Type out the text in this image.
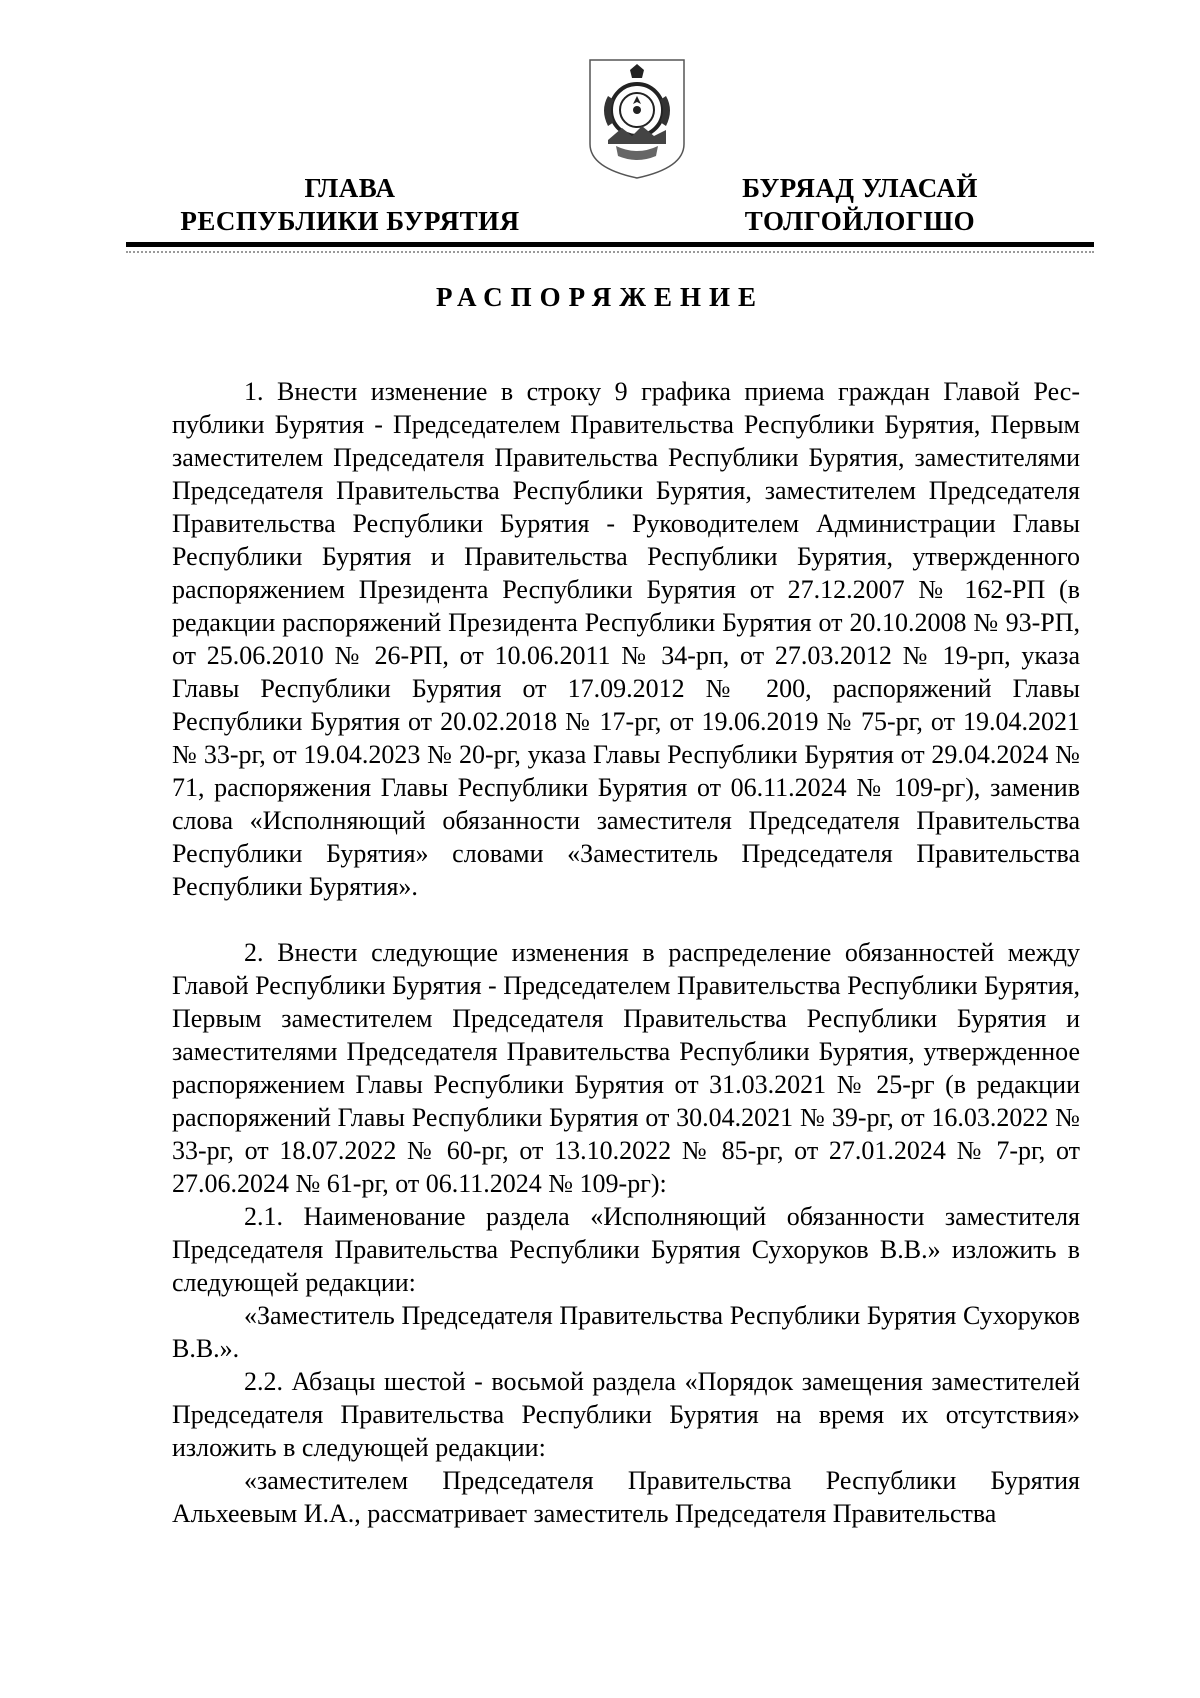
ГЛАВА
РЕСПУБЛИКИ БУРЯТИЯ
БУРЯАД УЛАСАЙ
ТОЛГОЙЛОГШО
РАСПОРЯЖЕНИЕ

1. Внести изменение в строку 9 графика приема граждан Главой Республики Бурятия - Председателем Правительства Республики Бурятия, Первым заместителем Председателя Правительства Республики Бурятия, заместителями Председателя Правительства Республики Бурятия, заместителем Председателя Правительства Республики Бурятия - Руководителем Администрации Главы Республики Бурятия и Правительства Республики Бурятия, утвержденного распоряжением Президента Республики Бурятия от 27.12.2007 № 162-РП (в редакции распоряжений Президента Республики Бурятия от 20.10.2008 № 93-РП, от 25.06.2010 № 26-РП, от 10.06.2011 № 34-рп, от 27.03.2012 № 19-рп, указа Главы Республики Бурятия от 17.09.2012 № 200, распоряжений Главы Республики Бурятия от 20.02.2018 № 17-рг, от 19.06.2019 № 75-рг, от 19.04.2021 № 33-рг, от 19.04.2023 № 20-рг, указа Главы Республики Бурятия от 29.04.2024 № 71, распоряжения Главы Республики Бурятия от 06.11.2024 № 109-рг), заменив слова «Исполняющий обязанности заместителя Председателя Правительства Республики Бурятия» словами «Заместитель Председателя Правительства Республики Бурятия».

2. Внести следующие изменения в распределение обязанностей между Главой Республики Бурятия - Председателем Правительства Республики Бурятия, Первым заместителем Председателя Правительства Республики Бурятия и заместителями Председателя Правительства Республики Бурятия, утвержденное распоряжением Главы Республики Бурятия от 31.03.2021 № 25-рг (в редакции распоряжений Главы Республики Бурятия от 30.04.2021 № 39-рг, от 16.03.2022 № 33-рг, от 18.07.2022 № 60-рг, от 13.10.2022 № 85-рг, от 27.01.2024 № 7-рг, от 27.06.2024 № 61-рг, от 06.11.2024 № 109-рг):

2.1. Наименование раздела «Исполняющий обязанности заместителя Председателя Правительства Республики Бурятия Сухоруков В.В.» изложить в следующей редакции:

«Заместитель Председателя Правительства Республики Бурятия Сухоруков В.В.».

2.2. Абзацы шестой - восьмой раздела «Порядок замещения заместителей Председателя Правительства Республики Бурятия на время их отсутствия» изложить в следующей редакции:

«заместителем Председателя Правительства Республики Бурятия Альхеевым И.А., рассматривает заместитель Председателя Правительства
